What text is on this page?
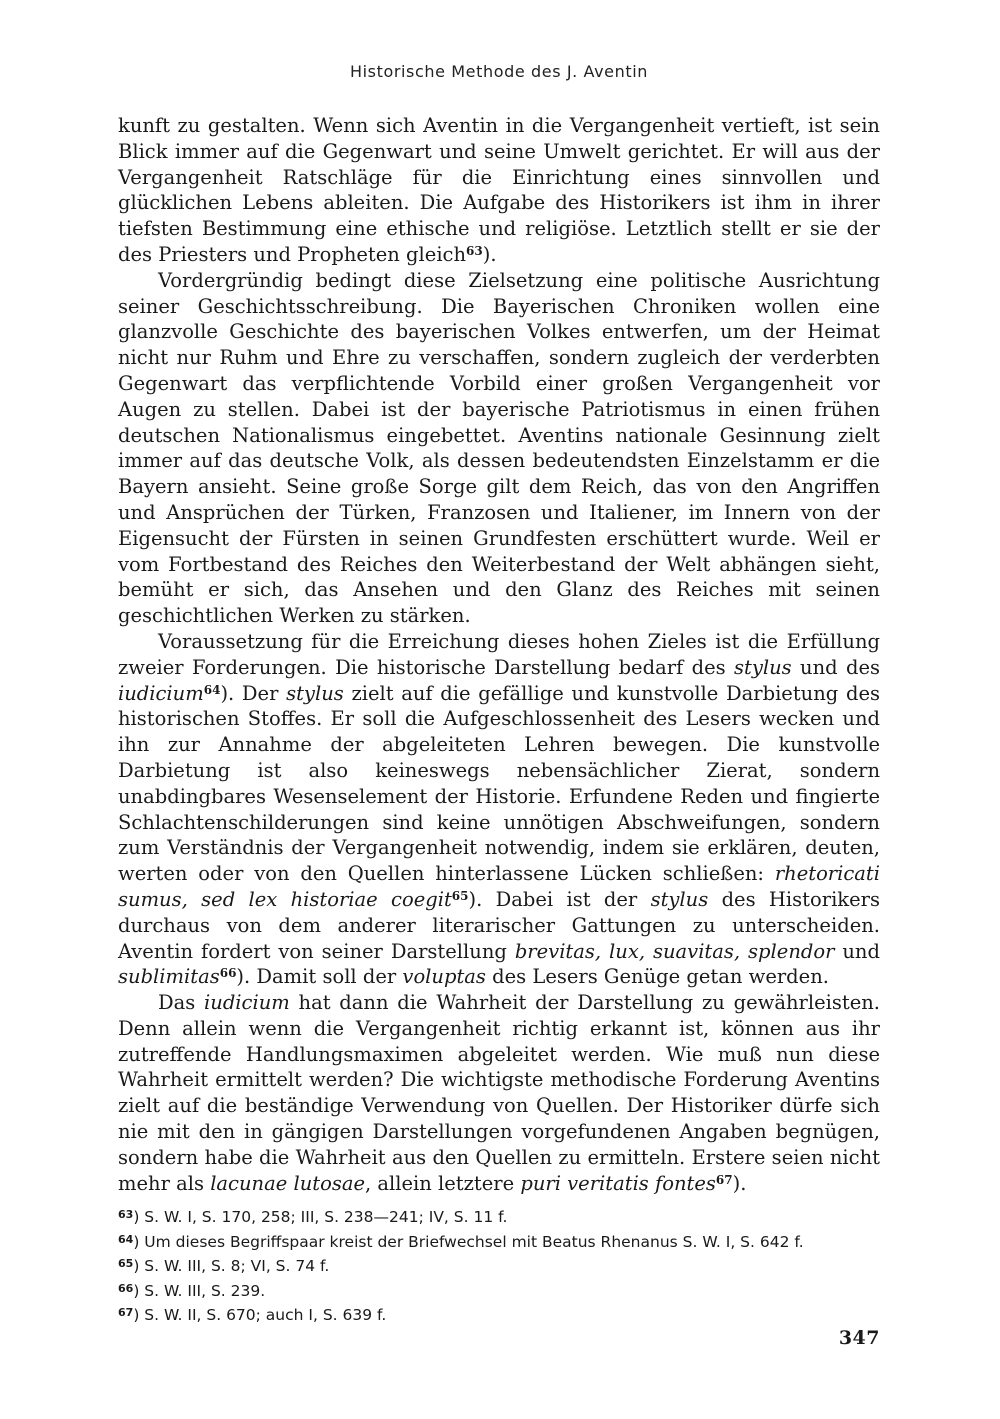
Historische Methode des J. Aventin

kunft zu gestalten. Wenn sich Aventin in die Vergangenheit vertieft, ist sein Blick immer auf die Gegenwart und seine Umwelt gerichtet. Er will aus der Vergangenheit Ratschläge für die Einrichtung eines sinnvollen und glücklichen Lebens ableiten. Die Aufgabe des Historikers ist ihm in ihrer tiefsten Bestimmung eine ethische und religiöse. Letztlich stellt er sie der des Priesters und Propheten gleich$^{63}$).

Vordergründig bedingt diese Zielsetzung eine politische Ausrichtung seiner Geschichtsschreibung. Die Bayerischen Chroniken wollen eine glanzvolle Geschichte des bayerischen Volkes entwerfen, um der Heimat nicht nur Ruhm und Ehre zu verschaffen, sondern zugleich der verderbten Gegenwart das verpflichtende Vorbild einer großen Vergangenheit vor Augen zu stellen. Dabei ist der bayerische Patriotismus in einen frühen deutschen Nationalismus eingebettet. Aventins nationale Gesinnung zielt immer auf das deutsche Volk, als dessen bedeutendsten Einzelstamm er die Bayern ansieht. Seine große Sorge gilt dem Reich, das von den Angriffen und Ansprüchen der Türken, Franzosen und Italiener, im Innern von der Eigensucht der Fürsten in seinen Grundfesten erschüttert wurde. Weil er vom Fortbestand des Reiches den Weiterbestand der Welt abhängen sieht, bemüht er sich, das Ansehen und den Glanz des Reiches mit seinen geschichtlichen Werken zu stärken.

Voraussetzung für die Erreichung dieses hohen Zieles ist die Erfüllung zweier Forderungen. Die historische Darstellung bedarf des stylus und des iudicium$^{64}$). Der stylus zielt auf die gefällige und kunstvolle Darbietung des historischen Stoffes. Er soll die Aufgeschlossenheit des Lesers wecken und ihn zur Annahme der abgeleiteten Lehren bewegen. Die kunstvolle Darbietung ist also keineswegs nebensächlicher Zierat, sondern unabdingbares Wesenselement der Historie. Erfundene Reden und fingierte Schlachtenschilderungen sind keine unnötigen Abschweifungen, sondern zum Verständnis der Vergangenheit notwendig, indem sie erklären, deuten, werten oder von den Quellen hinterlassene Lücken schließen: rhetoricati sumus, sed lex historiae coegit$^{65}$). Dabei ist der stylus des Historikers durchaus von dem anderer literarischer Gattungen zu unterscheiden. Aventin fordert von seiner Darstellung brevitas, lux, suavitas, splendor und sublimitas$^{66}$). Damit soll der voluptas des Lesers Genüge getan werden.

Das iudicium hat dann die Wahrheit der Darstellung zu gewährleisten. Denn allein wenn die Vergangenheit richtig erkannt ist, können aus ihr zutreffende Handlungsmaximen abgeleitet werden. Wie muß nun diese Wahrheit ermittelt werden? Die wichtigste methodische Forderung Aventins zielt auf die beständige Verwendung von Quellen. Der Historiker dürfe sich nie mit den in gängigen Darstellungen vorgefundenen Angaben begnügen, sondern habe die Wahrheit aus den Quellen zu ermitteln. Erstere seien nicht mehr als lacunae lutosae, allein letztere puri veritatis fontes$^{67}$).

$^{63}$) S. W. I, S. 170, 258; III, S. 238—241; IV, S. 11 f.

$^{64}$) Um dieses Begriffspaar kreist der Briefwechsel mit Beatus Rhenanus S. W. I, S. 642 f.

$^{65}$) S. W. III, S. 8; VI, S. 74 f.

$^{66}$) S. W. III, S. 239.

$^{67}$) S. W. II, S. 670; auch I, S. 639 f.

347
